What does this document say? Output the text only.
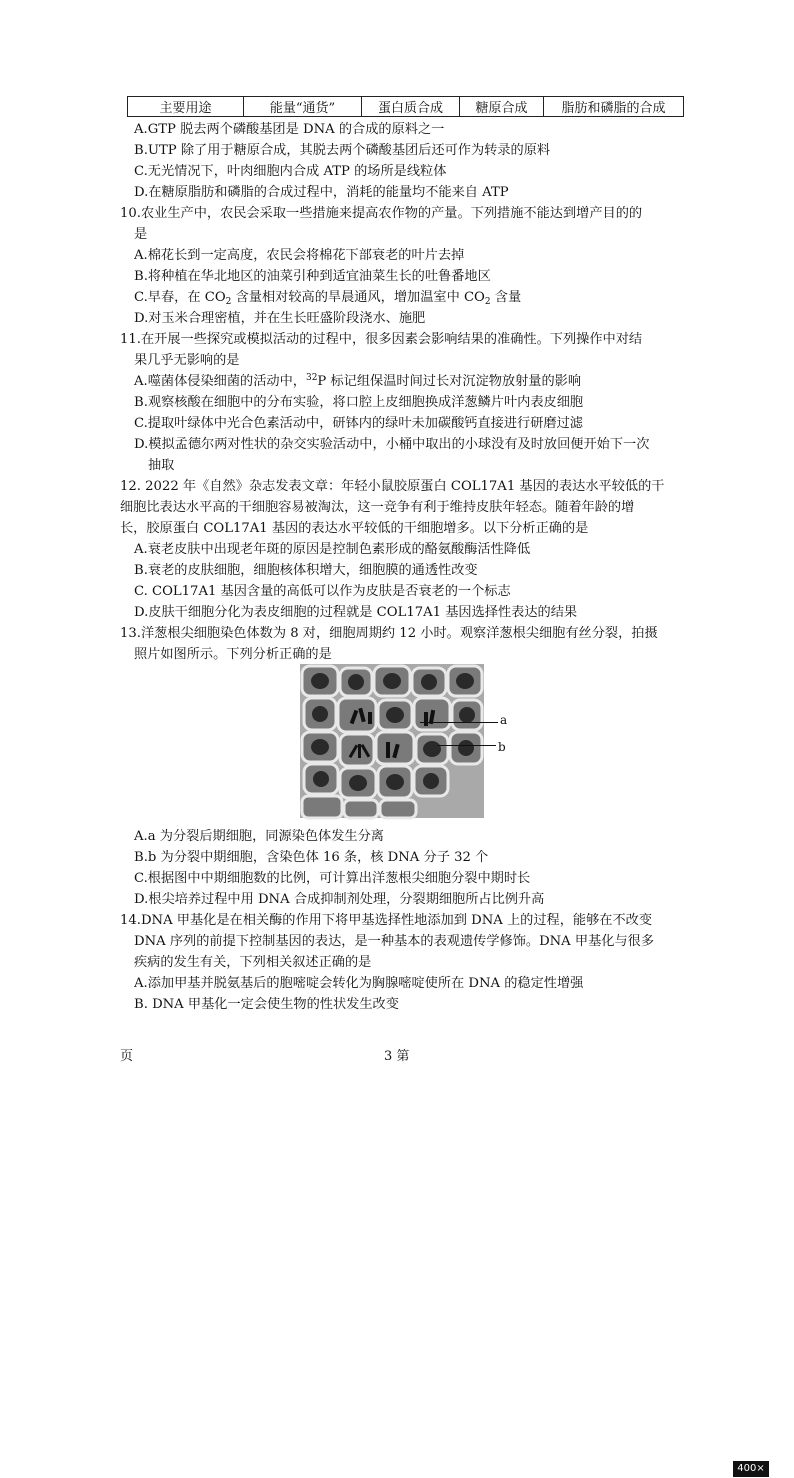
主要用途	能量“通货”	蛋白质合成	糖原合成	脂肪和磷脂的合成
A.GTP 脱去两个磷酸基团是 DNA 的合成的原料之一
B.UTP 除了用于糖原合成，其脱去两个磷酸基团后还可作为转录的原料
C.无光情况下，叶肉细胞内合成 ATP 的场所是线粒体
D.在糖原脂肪和磷脂的合成过程中，消耗的能量均不能来自 ATP
10.农业生产中，农民会采取一些措施来提高农作物的产量。下列措施不能达到增产目的的
是
A.棉花长到一定高度，农民会将棉花下部衰老的叶片去掉
B.将种植在华北地区的油菜引种到适宜油菜生长的吐鲁番地区
C.早春，在 $CO_2$ 含量相对较高的旱晨通风，增加温室中 $CO_2$ 含量
D.对玉米合理密植，并在生长旺盛阶段浇水、施肥
11.在开展一些探究或模拟活动的过程中，很多因素会影响结果的准确性。下列操作中对结
果几乎无影响的是
A.噬菌体侵染细菌的活动中，$^{32}$P 标记组保温时间过长对沉淀物放射量的影响
B.观察核酸在细胞中的分布实验，将口腔上皮细胞换成洋葱鳞片叶内表皮细胞
C.提取叶绿体中光合色素活动中，研钵内的绿叶未加碳酸钙直接进行研磨过滤
D.模拟孟德尔两对性状的杂交实验活动中，小桶中取出的小球没有及时放回便开始下一次
抽取
12. 2022 年《自然》杂志发表文章：年轻小鼠胶原蛋白 COL17A1 基因的表达水平较低的干
细胞比表达水平高的干细胞容易被淘汰，这一竞争有利于维持皮肤年轻态。随着年龄的增
长，胶原蛋白 COL17A1 基因的表达水平较低的干细胞增多。以下分析正确的是
A.衰老皮肤中出现老年斑的原因是控制色素形成的酪氨酸酶活性降低
B.衰老的皮肤细胞，细胞核体积增大，细胞膜的通透性改变
C. COL17A1 基因含量的高低可以作为皮肤是否衰老的一个标志
D.皮肤干细胞分化为表皮细胞的过程就是 COL17A1 基因选择性表达的结果
13.洋葱根尖细胞染色体数为 8 对，细胞周期约 12 小时。观察洋葱根尖细胞有丝分裂，拍摄
照片如图所示。下列分析正确的是
400×
a
b
A.a 为分裂后期细胞，同源染色体发生分离
B.b 为分裂中期细胞，含染色体 16 条，核 DNA 分子 32 个
C.根据图中中期细胞数的比例，可计算出洋葱根尖细胞分裂中期时长
D.根尖培养过程中用 DNA 合成抑制剂处理，分裂期细胞所占比例升高
14.DNA 甲基化是在相关酶的作用下将甲基选择性地添加到 DNA 上的过程，能够在不改变
DNA 序列的前提下控制基因的表达，是一种基本的表观遗传学修饰。DNA 甲基化与很多
疾病的发生有关，下列相关叙述正确的是
A.添加甲基并脱氨基后的胞嘧啶会转化为胸腺嘧啶使所在 DNA 的稳定性增强
B. DNA 甲基化一定会使生物的性状发生改变
页	3 第
